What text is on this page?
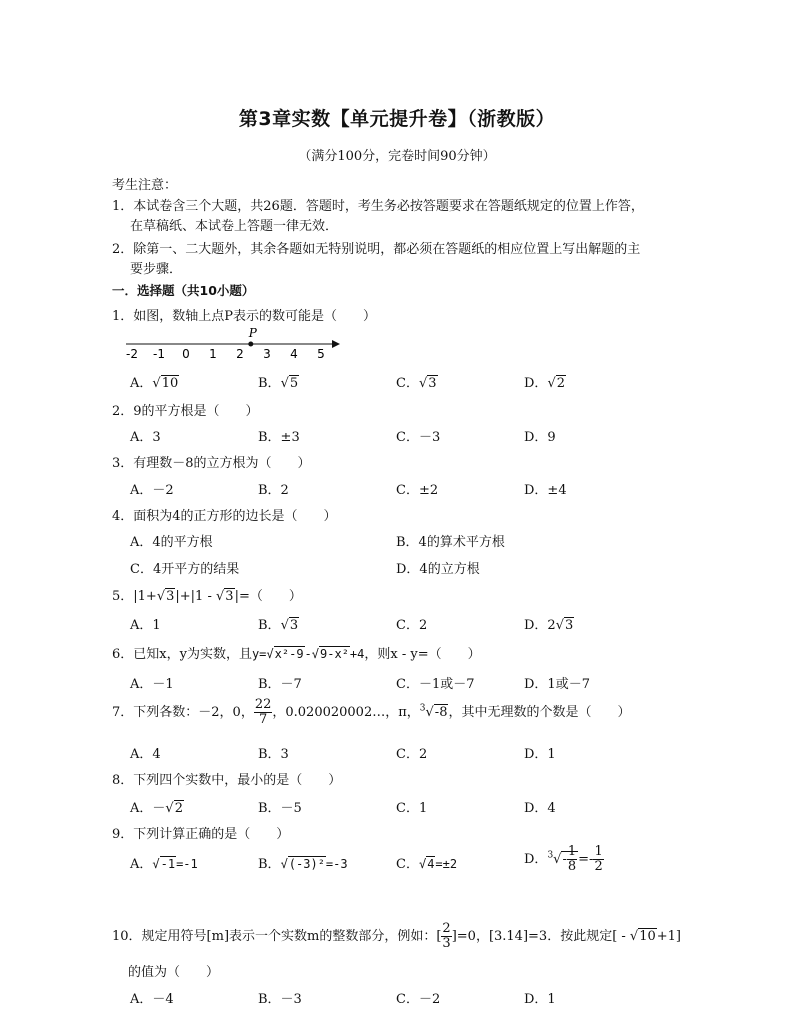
第3章实数【单元提升卷】（浙教版）
（满分100分，完卷时间90分钟）
考生注意：
1．本试卷含三个大题，共26题．答题时，考生务必按答题要求在答题纸规定的位置上作答，
在草稿纸、本试卷上答题一律无效．
2．除第一、二大题外，其余各题如无特别说明，都必须在答题纸的相应位置上写出解题的主
要步骤．
一．选择题（共10小题）
1．如图，数轴上点P表示的数可能是（　　）
-2 -1 0 1 2 3 4 5
P
A．√10	B．√5	C．√3	D．√2
2．9的平方根是（　　）
A．3	B．±3	C．－3	D．9
3．有理数－8的立方根为（　　）
A．－2	B．2	C．±2	D．±4
4．面积为4的正方形的边长是（　　）
A．4的平方根	B．4的算术平方根
C．4开平方的结果	D．4的立方根
5．|1+√3|+|1 - √3|=（　　）
A．1	B．√3	C．2	D．2√3
6．已知x，y为实数，且y=√x²-9-√9-x²+4，则x - y=（　　）
A．－1	B．－7	C．－1或－7	D．1或－7
7．下列各数：－2，0， $\frac{22}{7}$ ，0.020020002…，π，$^3$√-8，其中无理数的个数是（　　）
A．4	B．3	C．2	D．1
8．下列四个实数中，最小的是（　　）
A．－√2	B．－5	C．1	D．4
9．下列计算正确的是（　　）
A．√-1=-1	B．√(-3)²=-3	C．√4=±2	D．$^3√- \frac{1}{8} =- \frac{1}{2}$
10．规定用符号[m]表示一个实数m的整数部分，例如：[ $\frac{2}{3} ]=0$，[3.14]=3．按此规定[ - √10+1]
的值为（　　）
A．－4	B．－3	C．－2	D．1
